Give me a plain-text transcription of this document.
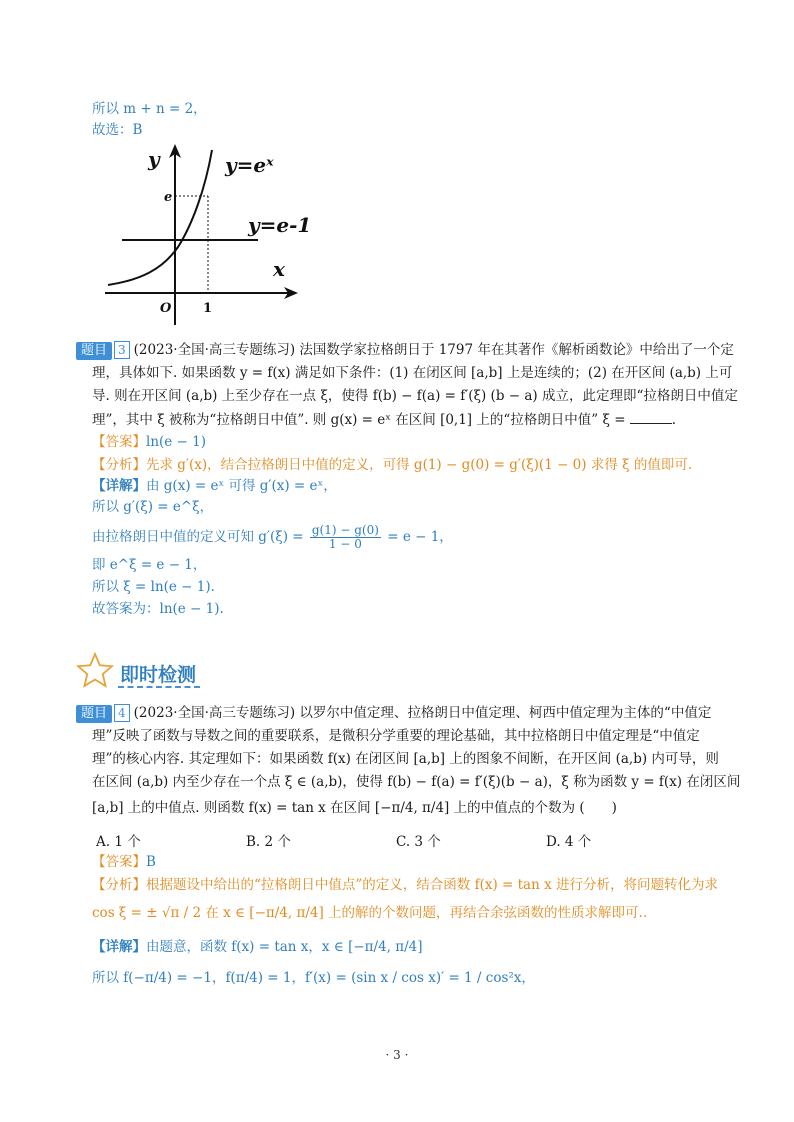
所以 m + n = 2，
故选：B
y
x
O
e
1
y=eˣ
y=e-1
题目 3 (2023·全国·高三专题练习) 法国数学家拉格朗日于 1797 年在其著作《解析函数论》中给出了一个定
理，具体如下. 如果函数 y = f(x) 满足如下条件：(1) 在闭区间 [a,b] 上是连续的；(2) 在开区间 (a,b) 上可
导. 则在开区间 (a,b) 上至少存在一点 ξ，使得 f(b) − f(a) = f′(ξ) (b − a) 成立，此定理即“拉格朗日中值定
理”，其中 ξ 被称为“拉格朗日中值”. 则 g(x) = eˣ 在区间 [0,1] 上的“拉格朗日中值” ξ =	.
【答案】ln(e − 1)
【分析】先求 g′(x)，结合拉格朗日中值的定义，可得 g(1) − g(0) = g′(ξ)(1 − 0) 求得 ξ 的值即可.
【详解】由 g(x) = eˣ 可得 g′(x) = eˣ，
所以 g′(ξ) = e^ξ，
由拉格朗日中值的定义可知 $g'(\xi) = \frac{g(1) - g(0)}{1 - 0} = e - 1$，
即 e^ξ = e − 1，
所以 ξ = ln(e − 1).
故答案为：ln(e − 1).
即时检测
题目 4 (2023·全国·高三专题练习) 以罗尔中值定理、拉格朗日中值定理、柯西中值定理为主体的“中值定
理”反映了函数与导数之间的重要联系，是微积分学重要的理论基础，其中拉格朗日中值定理是“中值定
理”的核心内容. 其定理如下：如果函数 f(x) 在闭区间 [a,b] 上的图象不间断，在开区间 (a,b) 内可导，则
在区间 (a,b) 内至少存在一个点 ξ ∈ (a,b)，使得 f(b) − f(a) = f′(ξ)(b − a)，ξ 称为函数 y = f(x) 在闭区间
[a,b] 上的中值点. 则函数 f(x) = tan x 在区间 [−π/4, π/4] 上的中值点的个数为 (　　)
A. 1 个	B. 2 个	C. 3 个	D. 4 个
【答案】B
【分析】根据题设中给出的“拉格朗日中值点”的定义，结合函数 f(x) = tan x 进行分析，将问题转化为求
cos ξ = ± √π / 2 在 x ∈ [−π/4, π/4] 上的解的个数问题，再结合余弦函数的性质求解即可..
【详解】由题意，函数 f(x) = tan x，x ∈ [−π/4, π/4]
所以 f(−π/4) = −1，f(π/4) = 1，f′(x) = (sin x / cos x)′ = 1 / cos²x，
· 3 ·
